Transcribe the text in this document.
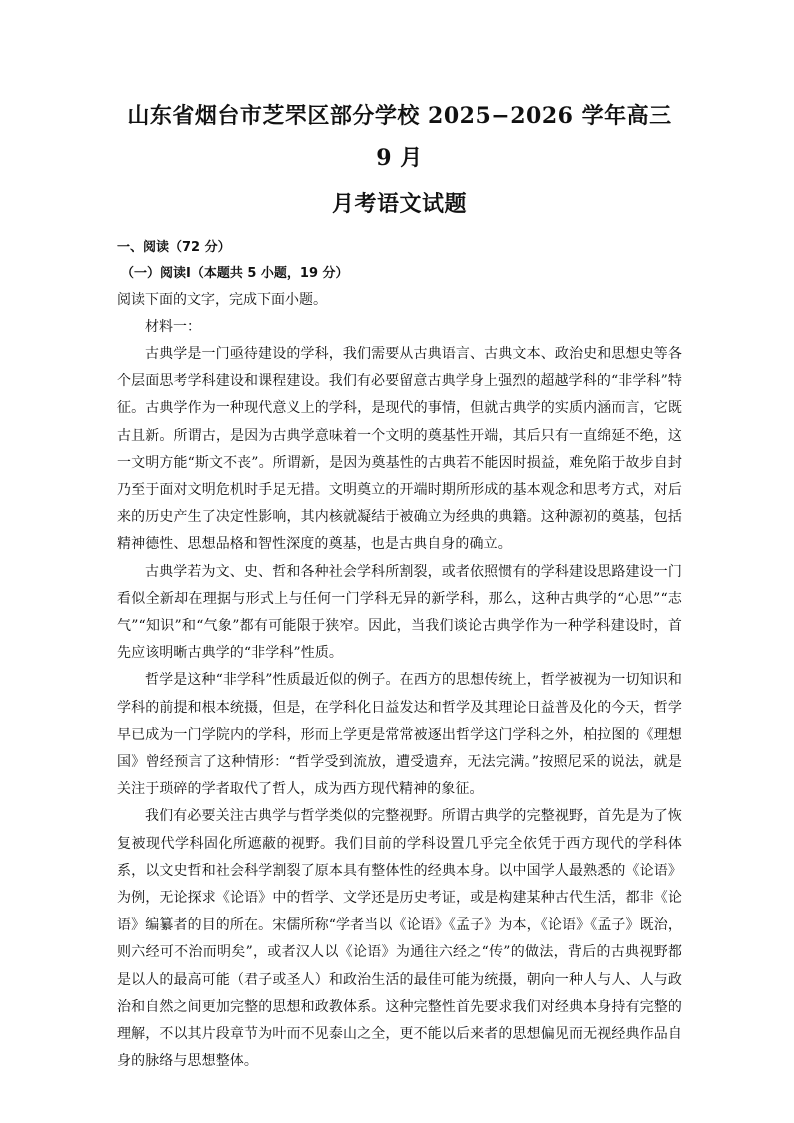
山东省烟台市芝罘区部分学校 2025−2026 学年高三 9 月
月考语文试题

一、阅读（72 分）

（一）阅读Ⅰ（本题共 5 小题，19 分）

阅读下面的文字，完成下面小题。

材料一：

古典学是一门亟待建设的学科，我们需要从古典语言、古典文本、政治史和思想史等各个层面思考学科建设和课程建设。我们有必要留意古典学身上强烈的超越学科的“非学科”特征。古典学作为一种现代意义上的学科，是现代的事情，但就古典学的实质内涵而言，它既古且新。所谓古，是因为古典学意味着一个文明的奠基性开端，其后只有一直绵延不绝，这一文明方能“斯文不丧”。所谓新，是因为奠基性的古典若不能因时损益，难免陷于故步自封乃至于面对文明危机时手足无措。文明奠立的开端时期所形成的基本观念和思考方式，对后来的历史产生了决定性影响，其内核就凝结于被确立为经典的典籍。这种源初的奠基，包括精神德性、思想品格和智性深度的奠基，也是古典自身的确立。

古典学若为文、史、哲和各种社会学科所割裂，或者依照惯有的学科建设思路建设一门看似全新却在理据与形式上与任何一门学科无异的新学科，那么，这种古典学的“心思”“志气”“知识”和“气象”都有可能限于狭窄。因此，当我们谈论古典学作为一种学科建设时，首先应该明晰古典学的“非学科”性质。

哲学是这种“非学科”性质最近似的例子。在西方的思想传统上，哲学被视为一切知识和学科的前提和根本统摄，但是，在学科化日益发达和哲学及其理论日益普及化的今天，哲学早已成为一门学院内的学科，形而上学更是常常被逐出哲学这门学科之外，柏拉图的《理想国》曾经预言了这种情形：“哲学受到流放，遭受遗弃，无法完满。”按照尼采的说法，就是关注于琐碎的学者取代了哲人，成为西方现代精神的象征。

我们有必要关注古典学与哲学类似的完整视野。所谓古典学的完整视野，首先是为了恢复被现代学科固化所遮蔽的视野。我们目前的学科设置几乎完全依凭于西方现代的学科体系，以文史哲和社会科学割裂了原本具有整体性的经典本身。以中国学人最熟悉的《论语》为例，无论探求《论语》中的哲学、文学还是历史考证，或是构建某种古代生活，都非《论语》编纂者的目的所在。宋儒所称“学者当以《论语》《孟子》为本，《论语》《孟子》既治，则六经可不治而明矣”，或者汉人以《论语》为通往六经之“传”的做法，背后的古典视野都是以人的最高可能（君子或圣人）和政治生活的最佳可能为统摄，朝向一种人与人、人与政治和自然之间更加完整的思想和政教体系。这种完整性首先要求我们对经典本身持有完整的理解，不以其片段章节为叶而不见泰山之全，更不能以后来者的思想偏见而无视经典作品自身的脉络与思想整体。
